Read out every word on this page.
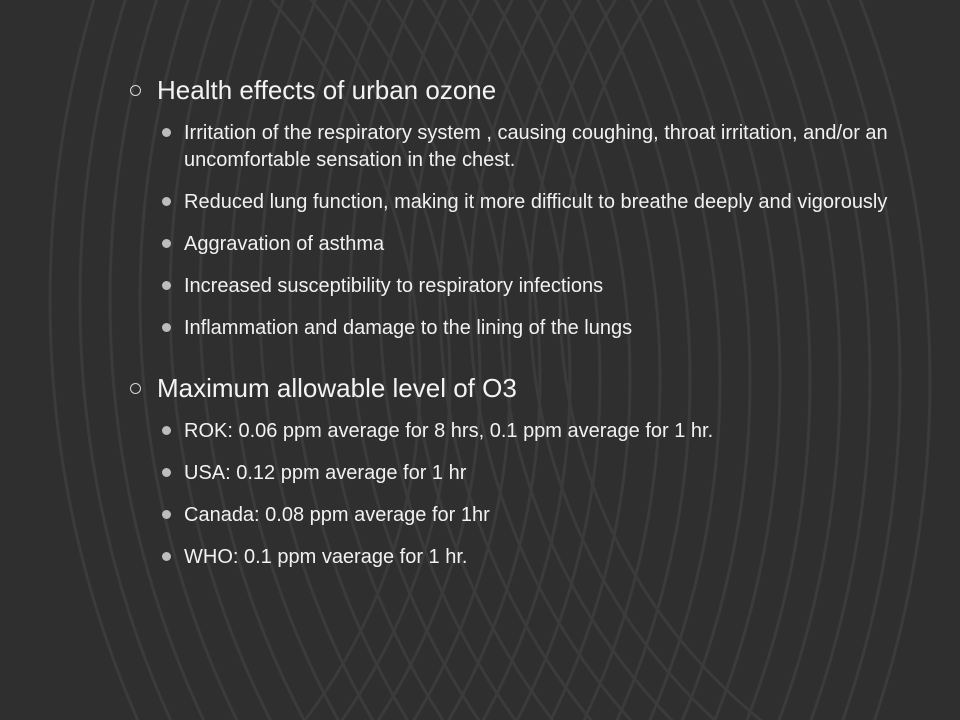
Health effects of urban ozone
Irritation of the respiratory system , causing coughing, throat irritation, and/or an uncomfortable sensation in the chest.
Reduced lung function, making it more difficult to breathe deeply and vigorously
Aggravation of asthma
Increased susceptibility to respiratory infections
Inflammation and damage to the lining of the lungs
Maximum allowable level of O3
ROK: 0.06 ppm average for 8 hrs, 0.1 ppm average for 1 hr.
USA: 0.12 ppm average for 1 hr
Canada: 0.08 ppm average for 1hr
WHO: 0.1 ppm vaerage for 1 hr.
